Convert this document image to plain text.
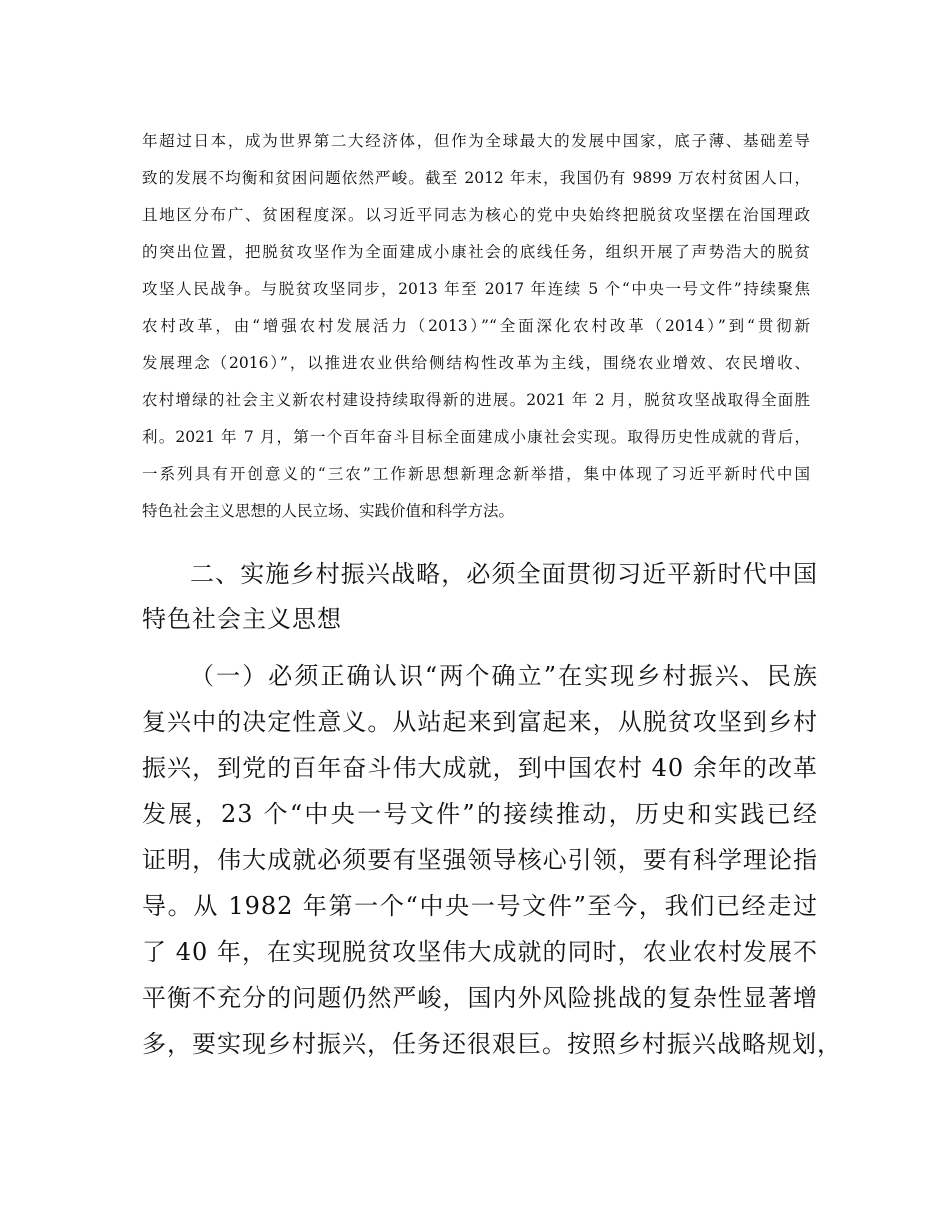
年超过日本，成为世界第二大经济体，但作为全球最大的发展中国家，底子薄、基础差导
致的发展不均衡和贫困问题依然严峻。截至 2012 年末，我国仍有 9899 万农村贫困人口，
且地区分布广、贫困程度深。以习近平同志为核心的党中央始终把脱贫攻坚摆在治国理政
的突出位置，把脱贫攻坚作为全面建成小康社会的底线任务，组织开展了声势浩大的脱贫
攻坚人民战争。与脱贫攻坚同步，2013 年至 2017 年连续 5 个“中央一号文件”持续聚焦
农村改革，由“增强农村发展活力（2013）”“全面深化农村改革（2014）”到“贯彻新
发展理念（2016）”，以推进农业供给侧结构性改革为主线，围绕农业增效、农民增收、
农村增绿的社会主义新农村建设持续取得新的进展。2021 年 2 月，脱贫攻坚战取得全面胜
利。2021 年 7 月，第一个百年奋斗目标全面建成小康社会实现。取得历史性成就的背后，
一系列具有开创意义的“三农”工作新思想新理念新举措，集中体现了习近平新时代中国
特色社会主义思想的人民立场、实践价值和科学方法。
二、实施乡村振兴战略，必须全面贯彻习近平新时代中国
特色社会主义思想
（一）必须正确认识“两个确立”在实现乡村振兴、民族
复兴中的决定性意义。从站起来到富起来，从脱贫攻坚到乡村
振兴，到党的百年奋斗伟大成就，到中国农村 40 余年的改革
发展，23 个“中央一号文件”的接续推动，历史和实践已经
证明，伟大成就必须要有坚强领导核心引领，要有科学理论指
导。从 1982 年第一个“中央一号文件”至今，我们已经走过
了 40 年，在实现脱贫攻坚伟大成就的同时，农业农村发展不
平衡不充分的问题仍然严峻，国内外风险挑战的复杂性显著增
多，要实现乡村振兴，任务还很艰巨。按照乡村振兴战略规划，
